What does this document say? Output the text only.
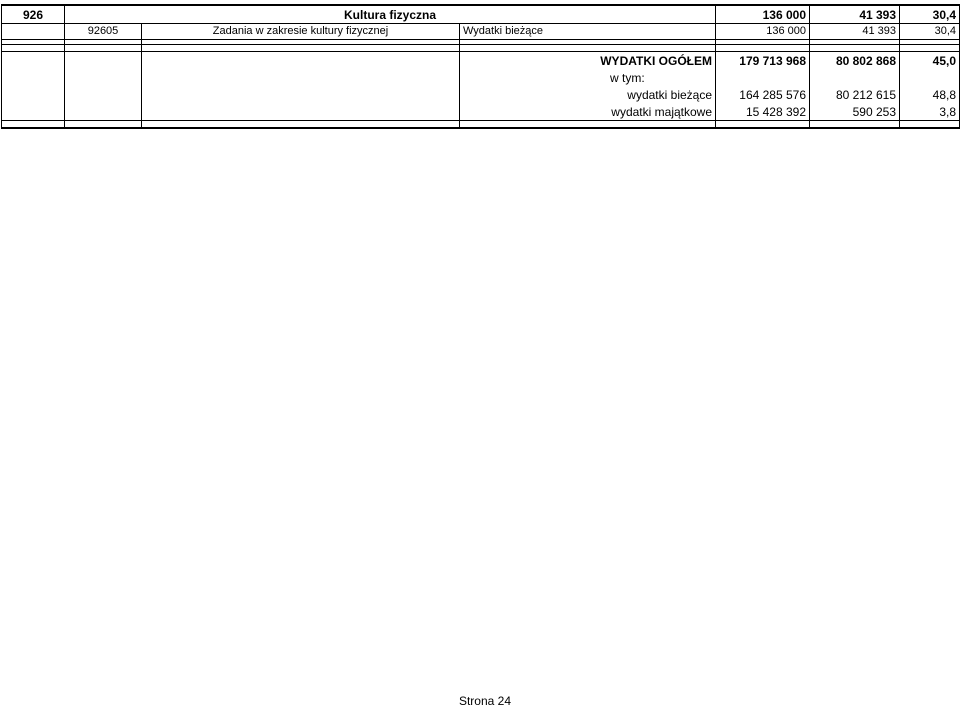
926	Kultura fizyczna			136 000	41 393	30,4
	92605	Zadania w zakresie kultury fizycznej	Wydatki bieżące	136 000	41 393	30,4

			WYDATKI OGÓŁEM	179 713 968	80 802 868	45,0
			w tym:			
			wydatki bieżące	164 285 576	80 212 615	48,8
			wydatki majątkowe	15 428 392	590 253	3,8

Strona 24
